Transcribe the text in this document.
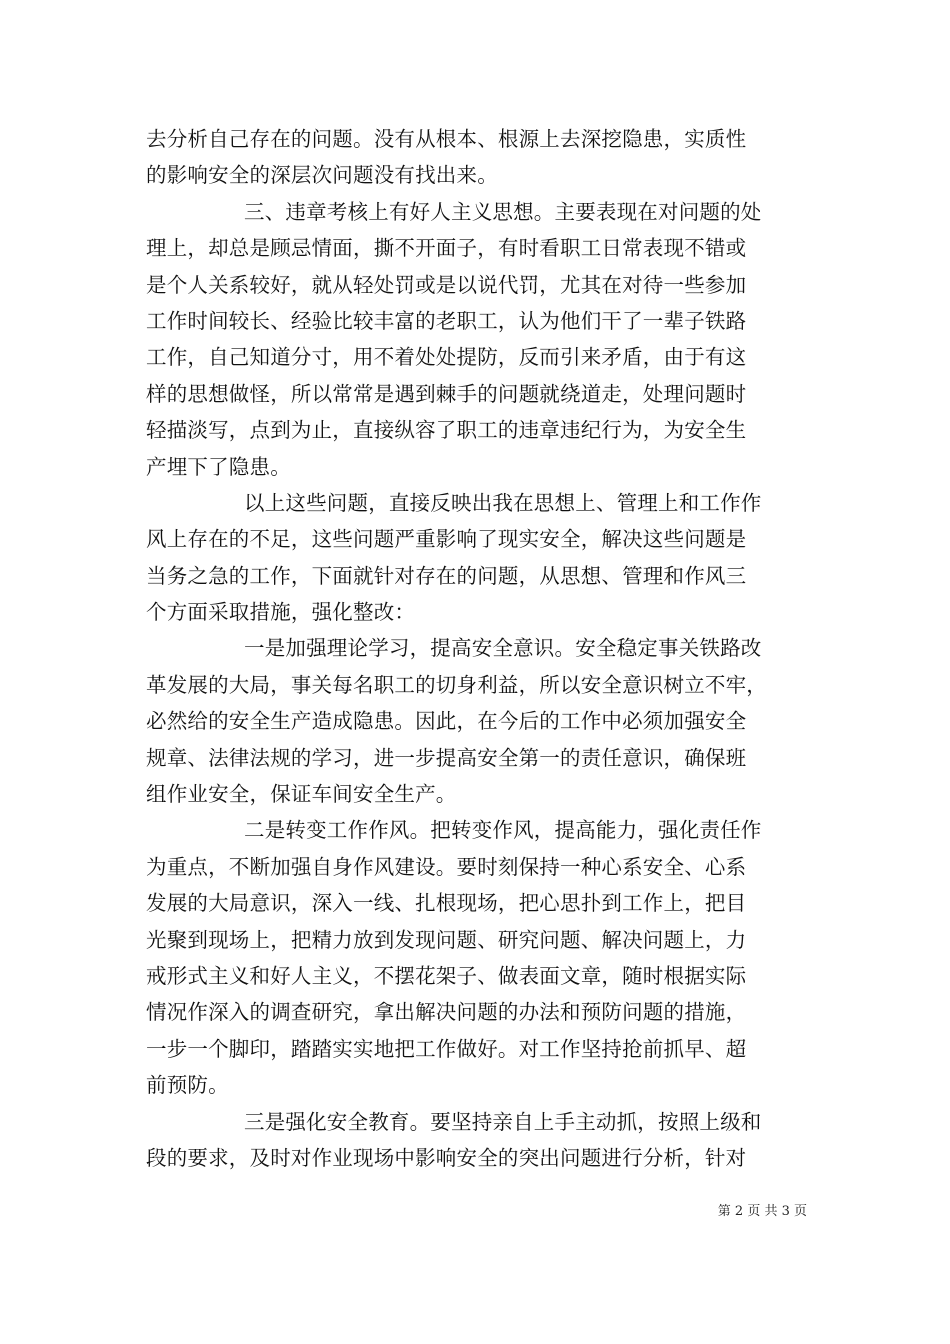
去分析自己存在的问题。没有从根本、根源上去深挖隐患，实质性
的影响安全的深层次问题没有找出来。
三、违章考核上有好人主义思想。主要表现在对问题的处
理上，却总是顾忌情面，撕不开面子，有时看职工日常表现不错或
是个人关系较好，就从轻处罚或是以说代罚，尤其在对待一些参加
工作时间较长、经验比较丰富的老职工，认为他们干了一辈子铁路
工作，自己知道分寸，用不着处处提防，反而引来矛盾，由于有这
样的思想做怪，所以常常是遇到棘手的问题就绕道走，处理问题时
轻描淡写，点到为止，直接纵容了职工的违章违纪行为，为安全生
产埋下了隐患。
以上这些问题，直接反映出我在思想上、管理上和工作作
风上存在的不足，这些问题严重影响了现实安全，解决这些问题是
当务之急的工作，下面就针对存在的问题，从思想、管理和作风三
个方面采取措施，强化整改：
一是加强理论学习，提高安全意识。安全稳定事关铁路改
革发展的大局，事关每名职工的切身利益，所以安全意识树立不牢，
必然给的安全生产造成隐患。因此，在今后的工作中必须加强安全
规章、法律法规的学习，进一步提高安全第一的责任意识，确保班
组作业安全，保证车间安全生产。
二是转变工作作风。把转变作风，提高能力，强化责任作
为重点，不断加强自身作风建设。要时刻保持一种心系安全、心系
发展的大局意识，深入一线、扎根现场，把心思扑到工作上，把目
光聚到现场上，把精力放到发现问题、研究问题、解决问题上，力
戒形式主义和好人主义，不摆花架子、做表面文章，随时根据实际
情况作深入的调查研究，拿出解决问题的办法和预防问题的措施，
一步一个脚印，踏踏实实地把工作做好。对工作坚持抢前抓早、超
前预防。
三是强化安全教育。要坚持亲自上手主动抓，按照上级和
段的要求，及时对作业现场中影响安全的突出问题进行分析，针对
第 2 页 共 3 页
